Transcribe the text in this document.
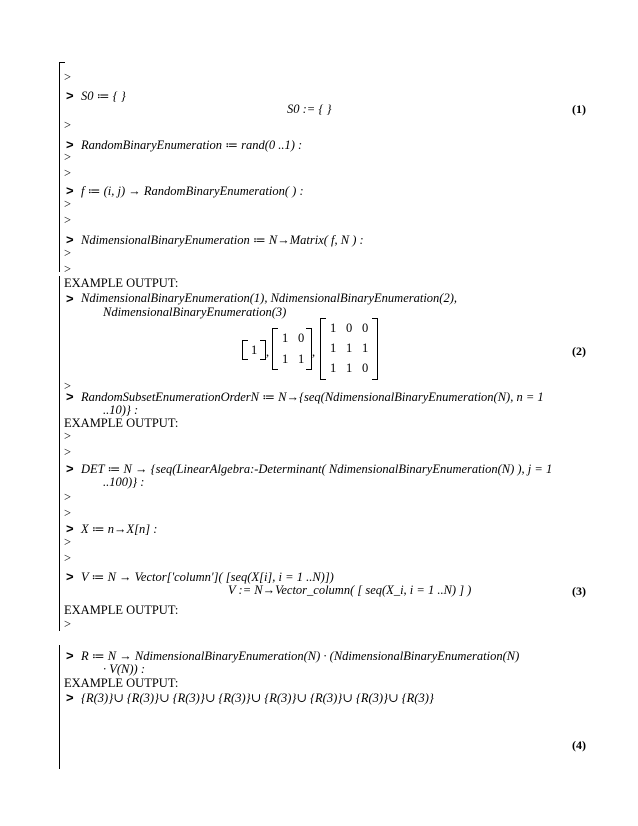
>
> S0 ≔ { }
S0 := { }	(1)
>
> RandomBinaryEnumeration ≔ rand(0 ..1) :
>
>
> f ≔ (i, j) → RandomBinaryEnumeration( ) :
>
>
> NdimensionalBinaryEnumeration ≔ N→Matrix( f, N ) :
>
>
EXAMPLE OUTPUT:
> NdimensionalBinaryEnumeration(1), NdimensionalBinaryEnumeration(2),
NdimensionalBinaryEnumeration(3)
1 ,
1 0
1 1 ,
1 0 0
1 1 1
1 1 0
(2)
>
> RandomSubsetEnumerationOrderN ≔ N→{seq(NdimensionalBinaryEnumeration(N), n = 1
..10)} :
EXAMPLE OUTPUT:
>
>
> DET ≔ N → {seq(LinearAlgebra:-Determinant( NdimensionalBinaryEnumeration(N) ), j = 1
..100)} :
>
>
> X ≔ n→X[n] :
>
>
> V ≔ N → Vector['column']( [seq(X[i], i = 1 ..N)])
V := N→Vector_column( [ seq(X_i, i = 1 ..N) ] )	(3)
EXAMPLE OUTPUT:
>
> R ≔ N → NdimensionalBinaryEnumeration(N) · (NdimensionalBinaryEnumeration(N)
· V(N)) :
EXAMPLE OUTPUT:
> {R(3)}∪ {R(3)}∪ {R(3)}∪ {R(3)}∪ {R(3)}∪ {R(3)}∪ {R(3)}∪ {R(3)}
(4)
